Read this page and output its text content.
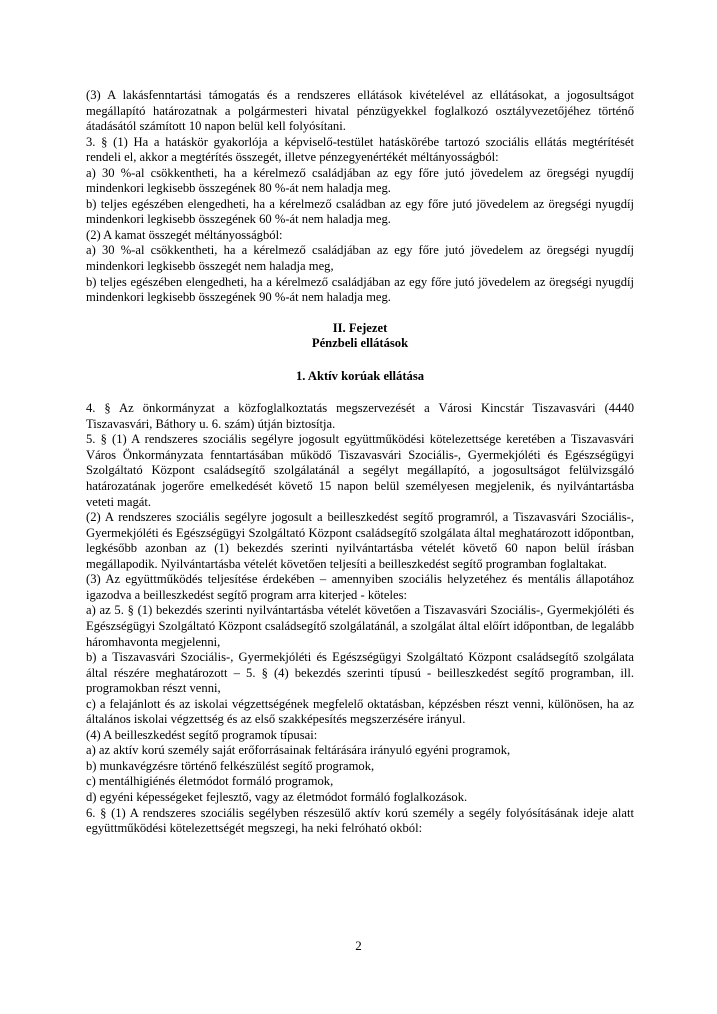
(3) A lakásfenntartási támogatás és a rendszeres ellátások kivételével az ellátásokat, a jogosultságot megállapító határozatnak a polgármesteri hivatal pénzügyekkel foglalkozó osztályvezetőjéhez történő átadásától számított 10 napon belül kell folyósítani.

3. § (1) Ha a hatáskör gyakorlója a képviselő-testület hatáskörébe tartozó szociális ellátás megtérítését rendeli el, akkor a megtérítés összegét, illetve pénzegyenértékét méltányosságból:

a) 30 %-al csökkentheti, ha a kérelmező családjában az egy főre jutó jövedelem az öregségi nyugdíj mindenkori legkisebb összegének 80 %-át nem haladja meg.

b) teljes egészében elengedheti, ha a kérelmező családban az egy főre jutó jövedelem az öregségi nyugdíj mindenkori legkisebb összegének 60 %-át nem haladja meg.

(2) A kamat összegét méltányosságból:

a) 30 %-al csökkentheti, ha a kérelmező családjában az egy főre jutó jövedelem az öregségi nyugdíj mindenkori legkisebb összegét nem haladja meg,

b) teljes egészében elengedheti, ha a kérelmező családjában az egy főre jutó jövedelem az öregségi nyugdíj mindenkori legkisebb összegének 90 %-át nem haladja meg.

II. Fejezet

Pénzbeli ellátások

1. Aktív korúak ellátása

4. § Az önkormányzat a közfoglalkoztatás megszervezését a Városi Kincstár Tiszavasvári (4440 Tiszavasvári, Báthory u. 6. szám) útján biztosítja.

5. § (1) A rendszeres szociális segélyre jogosult együttműködési kötelezettsége keretében a Tiszavasvári Város Önkormányzata fenntartásában működő Tiszavasvári Szociális-, Gyermekjóléti és Egészségügyi Szolgáltató Központ családsegítő szolgálatánál a segélyt megállapító, a jogosultságot felülvizsgáló határozatának jogerőre emelkedését követő 15 napon belül személyesen megjelenik, és nyilvántartásba veteti magát.

(2) A rendszeres szociális segélyre jogosult a beilleszkedést segítő programról, a Tiszavasvári Szociális-, Gyermekjóléti és Egészségügyi Szolgáltató Központ családsegítő szolgálata által meghatározott időpontban, legkésőbb azonban az (1) bekezdés szerinti nyilvántartásba vételét követő 60 napon belül írásban megállapodik. Nyilvántartásba vételét követően teljesíti a beilleszkedést segítő programban foglaltakat.

(3) Az együttműködés teljesítése érdekében – amennyiben szociális helyzetéhez és mentális állapotához igazodva a beilleszkedést segítő program arra kiterjed - köteles:

a) az 5. § (1) bekezdés szerinti nyilvántartásba vételét követően a Tiszavasvári Szociális-, Gyermekjóléti és Egészségügyi Szolgáltató Központ családsegítő szolgálatánál, a szolgálat által előírt időpontban, de legalább háromhavonta megjelenni,

b) a Tiszavasvári Szociális-, Gyermekjóléti és Egészségügyi Szolgáltató Központ családsegítő szolgálata által részére meghatározott – 5. § (4) bekezdés szerinti típusú - beilleszkedést segítő programban, ill. programokban részt venni,

c) a felajánlott és az iskolai végzettségének megfelelő oktatásban, képzésben részt venni, különösen, ha az általános iskolai végzettség és az első szakképesítés megszerzésére irányul.

(4) A beilleszkedést segítő programok típusai:

a) az aktív korú személy saját erőforrásainak feltárására irányuló egyéni programok,

b) munkavégzésre történő felkészülést segítő programok,

c) mentálhigiénés életmódot formáló programok,

d) egyéni képességeket fejlesztő, vagy az életmódot formáló foglalkozások.

6. § (1) A rendszeres szociális segélyben részesülő aktív korú személy a segély folyósításának ideje alatt együttműködési kötelezettségét megszegi, ha neki felróható okból:

2
